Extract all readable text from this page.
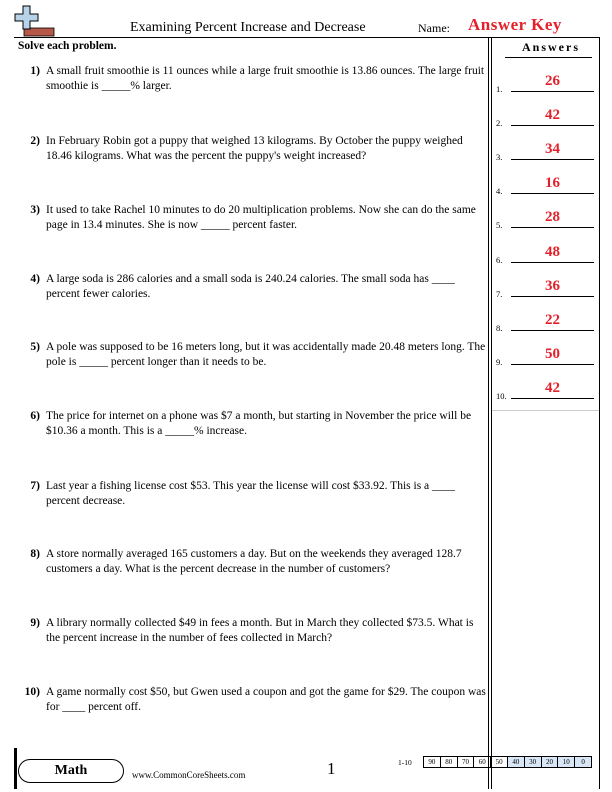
Examining Percent Increase and Decrease	Name: Answer Key
Solve each problem.
1) A small fruit smoothie is 11 ounces while a large fruit smoothie is 13.86 ounces. The large fruit smoothie is _____% larger.
2) In February Robin got a puppy that weighed 13 kilograms. By October the puppy weighed 18.46 kilograms. What was the percent the puppy's weight increased?
3) It used to take Rachel 10 minutes to do 20 multiplication problems. Now she can do the same page in 13.4 minutes. She is now _____ percent faster.
4) A large soda is 286 calories and a small soda is 240.24 calories. The small soda has ____ percent fewer calories.
5) A pole was supposed to be 16 meters long, but it was accidentally made 20.48 meters long. The pole is _____ percent longer than it needs to be.
6) The price for internet on a phone was $7 a month, but starting in November the price will be $10.36 a month. This is a _____% increase.
7) Last year a fishing license cost $53. This year the license will cost $33.92. This is a ____ percent decrease.
8) A store normally averaged 165 customers a day. But on the weekends they averaged 128.7 customers a day. What is the percent decrease in the number of customers?
9) A library normally collected $49 in fees a month. But in March they collected $73.5. What is the percent increase in the number of fees collected in March?
10) A game normally cost $50, but Gwen used a coupon and got the game for $29. The coupon was for ____ percent off.
Answers
1.	26
2.	42
3.	34
4.	16
5.	28
6.	48
7.	36
8.	22
9.	50
10.	42
Math	www.CommonCoreSheets.com	1	1-10	90	80	70	60	50	40	30	20	10	0
